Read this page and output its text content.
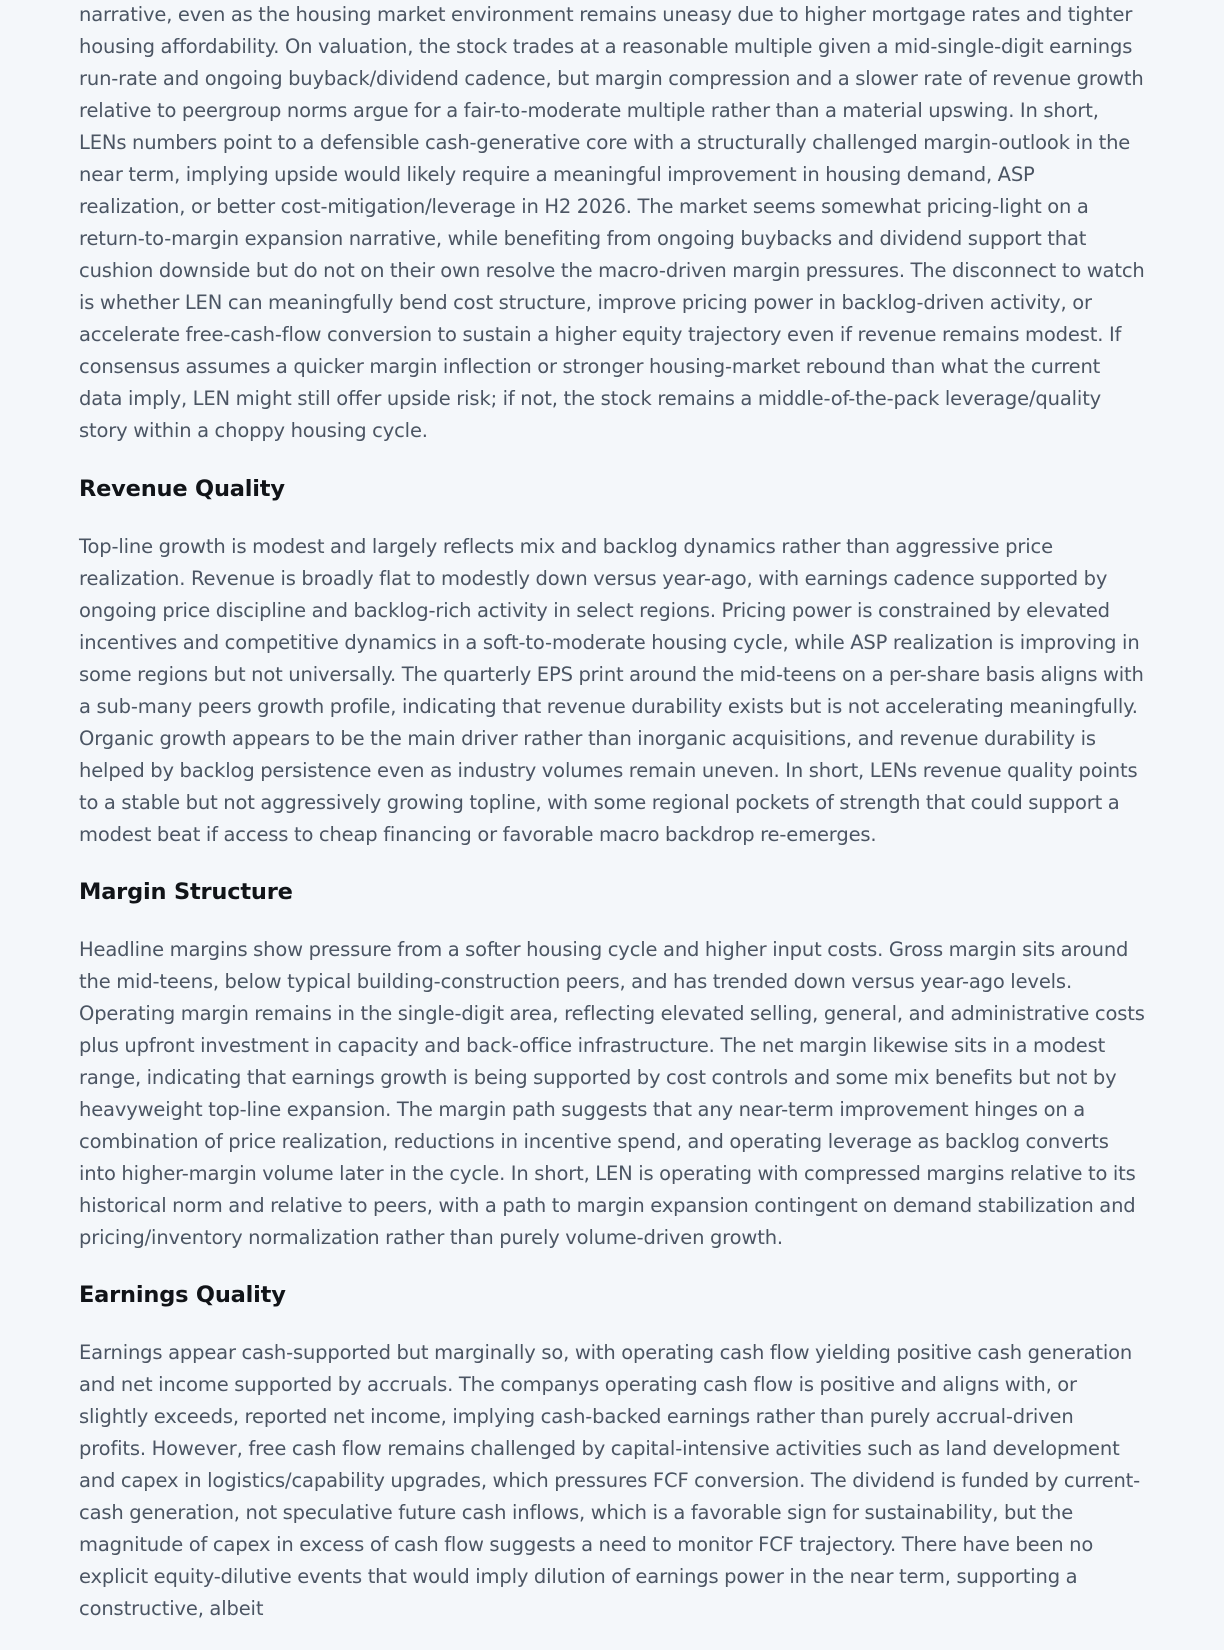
narrative, even as the housing market environment remains uneasy due to higher mortgage rates and tighter housing affordability. On valuation, the stock trades at a reasonable multiple given a mid-single-digit earnings run-rate and ongoing buyback/dividend cadence, but margin compression and a slower rate of revenue growth relative to peergroup norms argue for a fair-to-moderate multiple rather than a material upswing. In short, LENs numbers point to a defensible cash-generative core with a structurally challenged margin-outlook in the near term, implying upside would likely require a meaningful improvement in housing demand, ASP realization, or better cost-mitigation/leverage in H2 2026. The market seems somewhat pricing-light on a return-to-margin expansion narrative, while benefiting from ongoing buybacks and dividend support that cushion downside but do not on their own resolve the macro-driven margin pressures. The disconnect to watch is whether LEN can meaningfully bend cost structure, improve pricing power in backlog-driven activity, or accelerate free-cash-flow conversion to sustain a higher equity trajectory even if revenue remains modest. If consensus assumes a quicker margin inflection or stronger housing-market rebound than what the current data imply, LEN might still offer upside risk; if not, the stock remains a middle-of-the-pack leverage/quality story within a choppy housing cycle.

Revenue Quality

Top-line growth is modest and largely reflects mix and backlog dynamics rather than aggressive price realization. Revenue is broadly flat to modestly down versus year-ago, with earnings cadence supported by ongoing price discipline and backlog-rich activity in select regions. Pricing power is constrained by elevated incentives and competitive dynamics in a soft-to-moderate housing cycle, while ASP realization is improving in some regions but not universally. The quarterly EPS print around the mid-teens on a per-share basis aligns with a sub-many peers growth profile, indicating that revenue durability exists but is not accelerating meaningfully. Organic growth appears to be the main driver rather than inorganic acquisitions, and revenue durability is helped by backlog persistence even as industry volumes remain uneven. In short, LENs revenue quality points to a stable but not aggressively growing topline, with some regional pockets of strength that could support a modest beat if access to cheap financing or favorable macro backdrop re-emerges.

Margin Structure

Headline margins show pressure from a softer housing cycle and higher input costs. Gross margin sits around the mid-teens, below typical building-construction peers, and has trended down versus year-ago levels. Operating margin remains in the single-digit area, reflecting elevated selling, general, and administrative costs plus upfront investment in capacity and back-office infrastructure. The net margin likewise sits in a modest range, indicating that earnings growth is being supported by cost controls and some mix benefits but not by heavyweight top-line expansion. The margin path suggests that any near-term improvement hinges on a combination of price realization, reductions in incentive spend, and operating leverage as backlog converts into higher-margin volume later in the cycle. In short, LEN is operating with compressed margins relative to its historical norm and relative to peers, with a path to margin expansion contingent on demand stabilization and pricing/inventory normalization rather than purely volume-driven growth.

Earnings Quality

Earnings appear cash-supported but marginally so, with operating cash flow yielding positive cash generation and net income supported by accruals. The companys operating cash flow is positive and aligns with, or slightly exceeds, reported net income, implying cash-backed earnings rather than purely accrual-driven profits. However, free cash flow remains challenged by capital-intensive activities such as land development and capex in logistics/capability upgrades, which pressures FCF conversion. The dividend is funded by current-cash generation, not speculative future cash inflows, which is a favorable sign for sustainability, but the magnitude of capex in excess of cash flow suggests a need to monitor FCF trajectory. There have been no explicit equity-dilutive events that would imply dilution of earnings power in the near term, supporting a constructive, albeit
